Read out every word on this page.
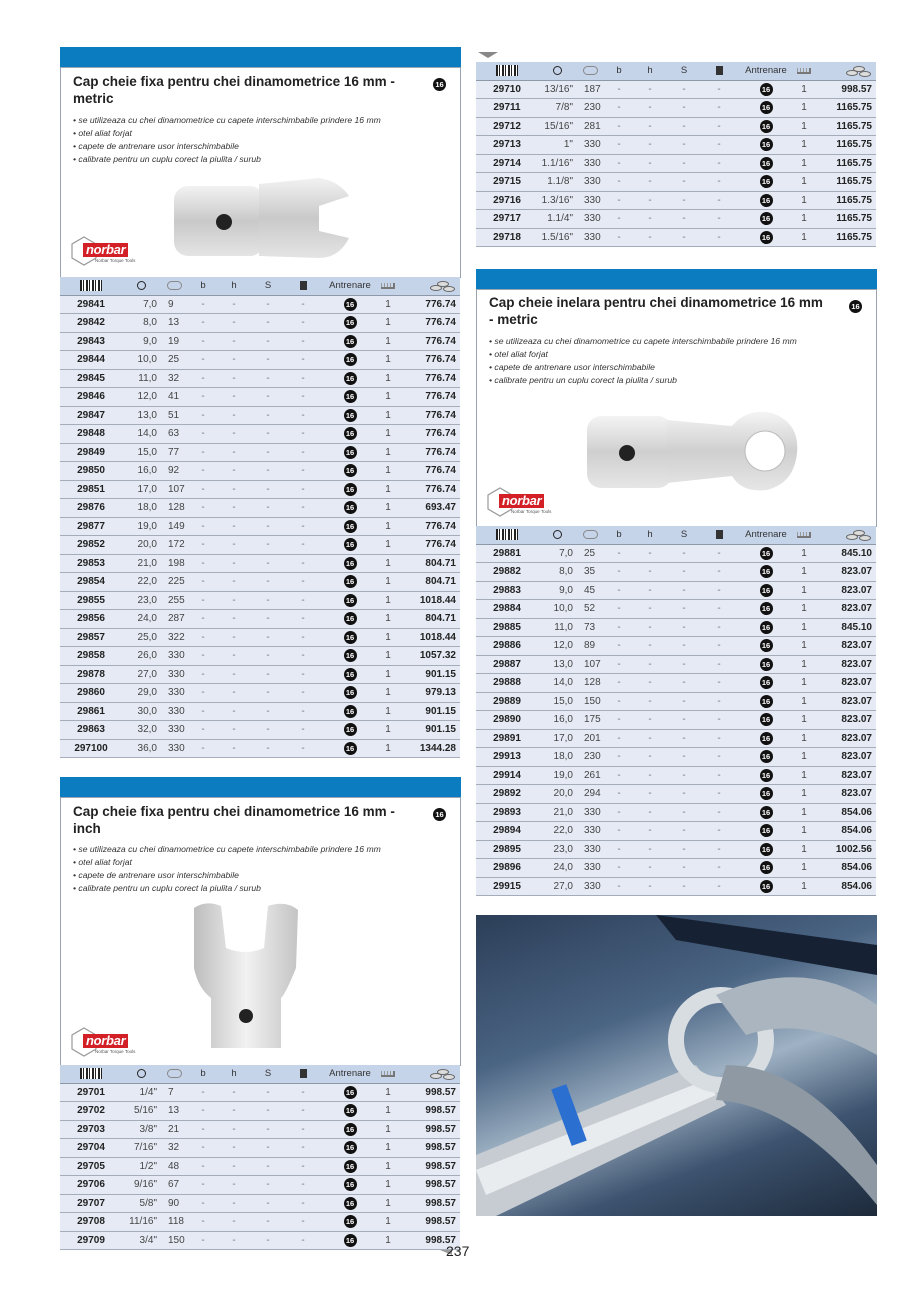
Cap cheie fixa pentru chei dinamometrice 16 mm - metric
16
• se utilizeaza cu chei dinamometrice cu capete interschimbabile prindere 16 mm
• otel aliat forjat
• capete de antrenare usor interschimbabile
• calibrate pentru un cuplu corect la piulita / surub
norbar
Norbar Torque Tools
			b	h	S		Antrenare		

29841	7,0	9	-	-	-	-	16	1	776.74
29842	8,0	13	-	-	-	-	16	1	776.74
29843	9,0	19	-	-	-	-	16	1	776.74
29844	10,0	25	-	-	-	-	16	1	776.74
29845	11,0	32	-	-	-	-	16	1	776.74
29846	12,0	41	-	-	-	-	16	1	776.74
29847	13,0	51	-	-	-	-	16	1	776.74
29848	14,0	63	-	-	-	-	16	1	776.74
29849	15,0	77	-	-	-	-	16	1	776.74
29850	16,0	92	-	-	-	-	16	1	776.74
29851	17,0	107	-	-	-	-	16	1	776.74
29876	18,0	128	-	-	-	-	16	1	693.47
29877	19,0	149	-	-	-	-	16	1	776.74
29852	20,0	172	-	-	-	-	16	1	776.74
29853	21,0	198	-	-	-	-	16	1	804.71
29854	22,0	225	-	-	-	-	16	1	804.71
29855	23,0	255	-	-	-	-	16	1	1018.44
29856	24,0	287	-	-	-	-	16	1	804.71
29857	25,0	322	-	-	-	-	16	1	1018.44
29858	26,0	330	-	-	-	-	16	1	1057.32
29878	27,0	330	-	-	-	-	16	1	901.15
29860	29,0	330	-	-	-	-	16	1	979.13
29861	30,0	330	-	-	-	-	16	1	901.15
29863	32,0	330	-	-	-	-	16	1	901.15
297100	36,0	330	-	-	-	-	16	1	1344.28
Cap cheie fixa pentru chei dinamometrice 16 mm - inch
16
• se utilizeaza cu chei dinamometrice cu capete interschimbabile prindere 16 mm
• otel aliat forjat
• capete de antrenare usor interschimbabile
• calibrate pentru un cuplu corect la piulita / surub
norbar
Norbar Torque Tools
			b	h	S		Antrenare		

29701	1/4"	7	-	-	-	-	16	1	998.57
29702	5/16"	13	-	-	-	-	16	1	998.57
29703	3/8"	21	-	-	-	-	16	1	998.57
29704	7/16"	32	-	-	-	-	16	1	998.57
29705	1/2"	48	-	-	-	-	16	1	998.57
29706	9/16"	67	-	-	-	-	16	1	998.57
29707	5/8"	90	-	-	-	-	16	1	998.57
29708	11/16"	118	-	-	-	-	16	1	998.57
29709	3/4"	150	-	-	-	-	16	1	998.57
			b	h	S		Antrenare		

29710	13/16"	187	-	-	-	-	16	1	998.57
29711	7/8"	230	-	-	-	-	16	1	1165.75
29712	15/16"	281	-	-	-	-	16	1	1165.75
29713	1"	330	-	-	-	-	16	1	1165.75
29714	1.1/16"	330	-	-	-	-	16	1	1165.75
29715	1.1/8"	330	-	-	-	-	16	1	1165.75
29716	1.3/16"	330	-	-	-	-	16	1	1165.75
29717	1.1/4"	330	-	-	-	-	16	1	1165.75
29718	1.5/16"	330	-	-	-	-	16	1	1165.75
Cap cheie inelara pentru chei dinamometrice 16 mm - metric
16
• se utilizeaza cu chei dinamometrice cu capete interschimbabile prindere 16 mm
• otel aliat forjat
• capete de antrenare usor interschimbabile
• calibrate pentru un cuplu corect la piulita / surub
norbar
Norbar Torque Tools
			b	h	S		Antrenare		

29881	7,0	25	-	-	-	-	16	1	845.10
29882	8,0	35	-	-	-	-	16	1	823.07
29883	9,0	45	-	-	-	-	16	1	823.07
29884	10,0	52	-	-	-	-	16	1	823.07
29885	11,0	73	-	-	-	-	16	1	845.10
29886	12,0	89	-	-	-	-	16	1	823.07
29887	13,0	107	-	-	-	-	16	1	823.07
29888	14,0	128	-	-	-	-	16	1	823.07
29889	15,0	150	-	-	-	-	16	1	823.07
29890	16,0	175	-	-	-	-	16	1	823.07
29891	17,0	201	-	-	-	-	16	1	823.07
29913	18,0	230	-	-	-	-	16	1	823.07
29914	19,0	261	-	-	-	-	16	1	823.07
29892	20,0	294	-	-	-	-	16	1	823.07
29893	21,0	330	-	-	-	-	16	1	854.06
29894	22,0	330	-	-	-	-	16	1	854.06
29895	23,0	330	-	-	-	-	16	1	1002.56
29896	24,0	330	-	-	-	-	16	1	854.06
29915	27,0	330	-	-	-	-	16	1	854.06
237
